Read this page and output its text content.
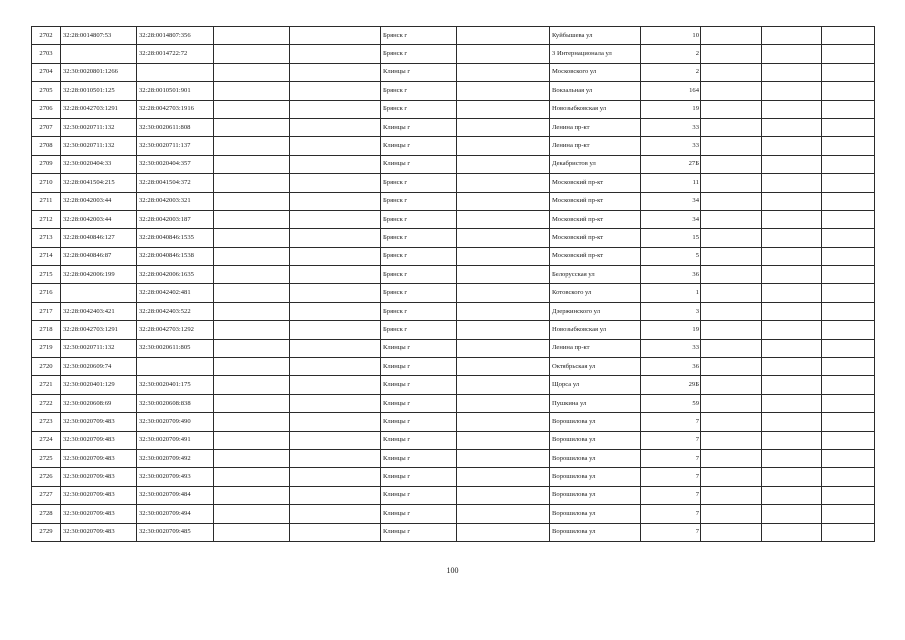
2702	32:28:0014807:53	32:28:0014807:356			Брянск г		Куйбышева ул	10			
2703		32:28:0014722:72			Брянск г		3 Интернационала ул	2			
2704	32:30:0020801:1266				Клинцы г		Московского ул	2			
2705	32:28:0010501:125	32:28:0010501:901			Брянск г		Вокзальная ул	164			
2706	32:28:0042703:1291	32:28:0042703:1916			Брянск г		Новозыбковская ул	19			
2707	32:30:0020711:132	32:30:0020611:808			Клинцы г		Ленина пр-кт	33			
2708	32:30:0020711:132	32:30:0020711:137			Клинцы г		Ленина пр-кт	33			
2709	32:30:0020404:33	32:30:0020404:357			Клинцы г		Декабристов ул	27Б			
2710	32:28:0041504:215	32:28:0041504:372			Брянск г		Московский пр-кт	11			
2711	32:28:0042003:44	32:28:0042003:321			Брянск г		Московский пр-кт	34			
2712	32:28:0042003:44	32:28:0042003:187			Брянск г		Московский пр-кт	34			
2713	32:28:0040846:127	32:28:0040846:1535			Брянск г		Московский пр-кт	15			
2714	32:28:0040846:87	32:28:0040846:1538			Брянск г		Московский пр-кт	5			
2715	32:28:0042006:199	32:28:0042006:1635			Брянск г		Белорусская ул	36			
2716		32:28:0042402:481			Брянск г		Котовского ул	1			
2717	32:28:0042403:421	32:28:0042403:522			Брянск г		Дзержинского ул	3			
2718	32:28:0042703:1291	32:28:0042703:1292			Брянск г		Новозыбковская ул	19			
2719	32:30:0020711:132	32:30:0020611:805			Клинцы г		Ленина пр-кт	33			
2720	32:30:0020609:74				Клинцы г		Октябрьская ул	36			
2721	32:30:0020401:129	32:30:0020401:175			Клинцы г		Щорса ул	29Б			
2722	32:30:0020608:69	32:30:0020608:838			Клинцы г		Пушкина ул	59			
2723	32:30:0020709:483	32:30:0020709:490			Клинцы г		Ворошилова ул	7			
2724	32:30:0020709:483	32:30:0020709:491			Клинцы г		Ворошилова ул	7			
2725	32:30:0020709:483	32:30:0020709:492			Клинцы г		Ворошилова ул	7			
2726	32:30:0020709:483	32:30:0020709:493			Клинцы г		Ворошилова ул	7			
2727	32:30:0020709:483	32:30:0020709:484			Клинцы г		Ворошилова ул	7			
2728	32:30:0020709:483	32:30:0020709:494			Клинцы г		Ворошилова ул	7			
2729	32:30:0020709:483	32:30:0020709:485			Клинцы г		Ворошилова ул	7			
100
